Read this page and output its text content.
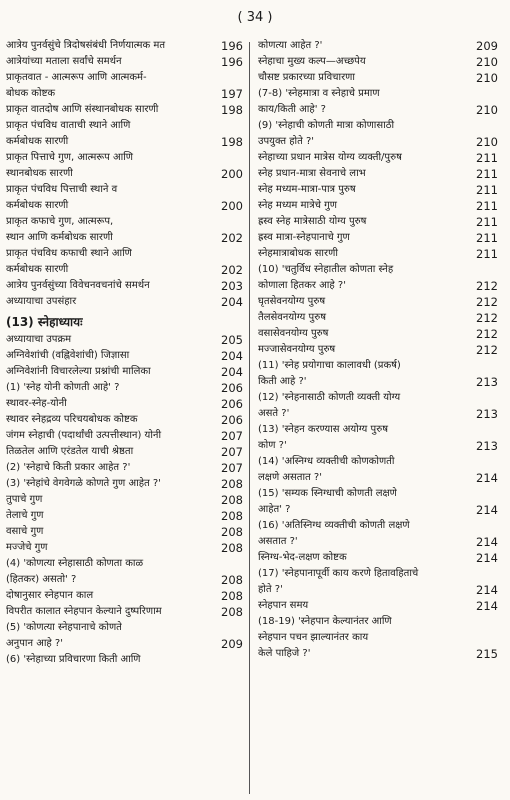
( 34 )
आत्रेय पुनर्वसुंचे त्रिदोषसंबंधी निर्णयात्मक मत	196
आत्रेयांच्या मताला सर्वांचे समर्थन	196
प्राकृतवात - आत्मरूप आणि आत्मकर्म-
बोधक कोष्टक	197
प्राकृत वातदोष आणि संस्थानबोधक सारणी	198
प्राकृत पंचविध वाताची स्थाने आणि
कर्मबोधक सारणी	198
प्राकृत पित्ताचे गुण, आत्मरूप आणि
स्थानबोधक सारणी	200
प्राकृत पंचविध पित्ताची स्थाने व
कर्मबोधक सारणी	200
प्राकृत कफाचे गुण, आत्मरूप,
स्थान आणि कर्मबोधक सारणी	202
प्राकृत पंचविध कफाची स्थाने आणि
कर्मबोधक सारणी	202
आत्रेय पुनर्वसुंच्या विवेचनवचनांचे समर्थन	203
अध्यायाचा उपसंहार	204
(13) स्नेहाध्यायः
अध्यायाचा उपक्रम	205
अग्निवेशांची (वह्निवेशांची) जिज्ञासा	204
अग्निवेशांनी विचारलेल्या प्रश्नांची मालिका	204
(1) 'स्नेह योनी कोणती आहे' ?	206
स्थावर-स्नेह-योनी	206
स्थावर स्नेहद्रव्य परिचयबोधक कोष्टक	206
जंगम स्नेहाची (पदार्थांची उत्पत्तीस्थान) योनी	207
तिळतेल आणि एरंडतेल याची श्रेष्ठता	207
(2) 'स्नेहाचे किती प्रकार आहेत ?'	207
(3) 'स्नेहांचे वेगवेगळे कोणते गुण आहेत ?'	208
तुपाचे गुण	208
तेलाचे गुण	208
वसाचे गुण	208
मज्जेचे गुण	208
(4) 'कोणत्या स्नेहासाठी कोणता काळ
(हितकर) असतो' ?	208
दोषानुसार स्नेहपान काल	208
विपरीत कालात स्नेहपान केल्याने दुष्परिणाम	208
(5) 'कोणत्या स्नेहपानाचे कोणते
अनुपान आहे ?'	209
(6) 'स्नेहाच्या प्रविचारणा किती आणि
कोणत्या आहेत ?'	209
स्नेहाचा मुख्य कल्प—अच्छपेय	210
चौसष्ट प्रकारच्या प्रविचारणा	210
(7-8) 'स्नेहमात्रा व स्नेहाचे प्रमाण
काय/किती आहे' ?	210
(9) 'स्नेहाची कोणती मात्रा कोणासाठी
उपयुक्त होते ?'	210
स्नेहाच्या प्रधान मात्रेस योग्य व्यक्ती/पुरुष	211
स्नेह प्रधान-मात्रा सेवनाचे लाभ	211
स्नेह मध्यम-मात्रा-पात्र पुरुष	211
स्नेह मध्यम मात्रेचे गुण	211
ह्रस्व स्नेह मात्रेसाठी योग्य पुरुष	211
ह्रस्व मात्रा-स्नेहपानाचे गुण	211
स्नेहमात्राबोधक सारणी	211
(10) 'चतुर्विध स्नेहातील कोणता स्नेह
कोणाला हितकर आहे ?'	212
घृतसेवनयोग्य पुरुष	212
तैलसेवनयोग्य पुरुष	212
वसासेवनयोग्य पुरुष	212
मज्जासेवनयोग्य पुरुष	212
(11) 'स्नेह प्रयोगाचा कालावधी (प्रकर्ष)
किती आहे ?'	213
(12) 'स्नेहनासाठी कोणती व्यक्ती योग्य
असते ?'	213
(13) 'स्नेहन करण्यास अयोग्य पुरुष
कोण ?'	213
(14) 'अस्निग्ध व्यक्तीची कोणकोणती
लक्षणे असतात ?'	214
(15) 'सम्यक स्निग्धाची कोणती लक्षणे
आहेत' ?	214
(16) 'अतिस्निग्ध व्यक्तीची कोणती लक्षणे
असतात ?'	214
स्निग्ध-भेद-लक्षण कोष्टक	214
(17) 'स्नेहपानापूर्वी काय करणे हितावहिताचे
होते ?'	214
स्नेहपान समय	214
(18-19) 'स्नेहपान केल्यानंतर आणि
स्नेहपान पचन झाल्यानंतर काय
केले पाहिजे ?'	215
